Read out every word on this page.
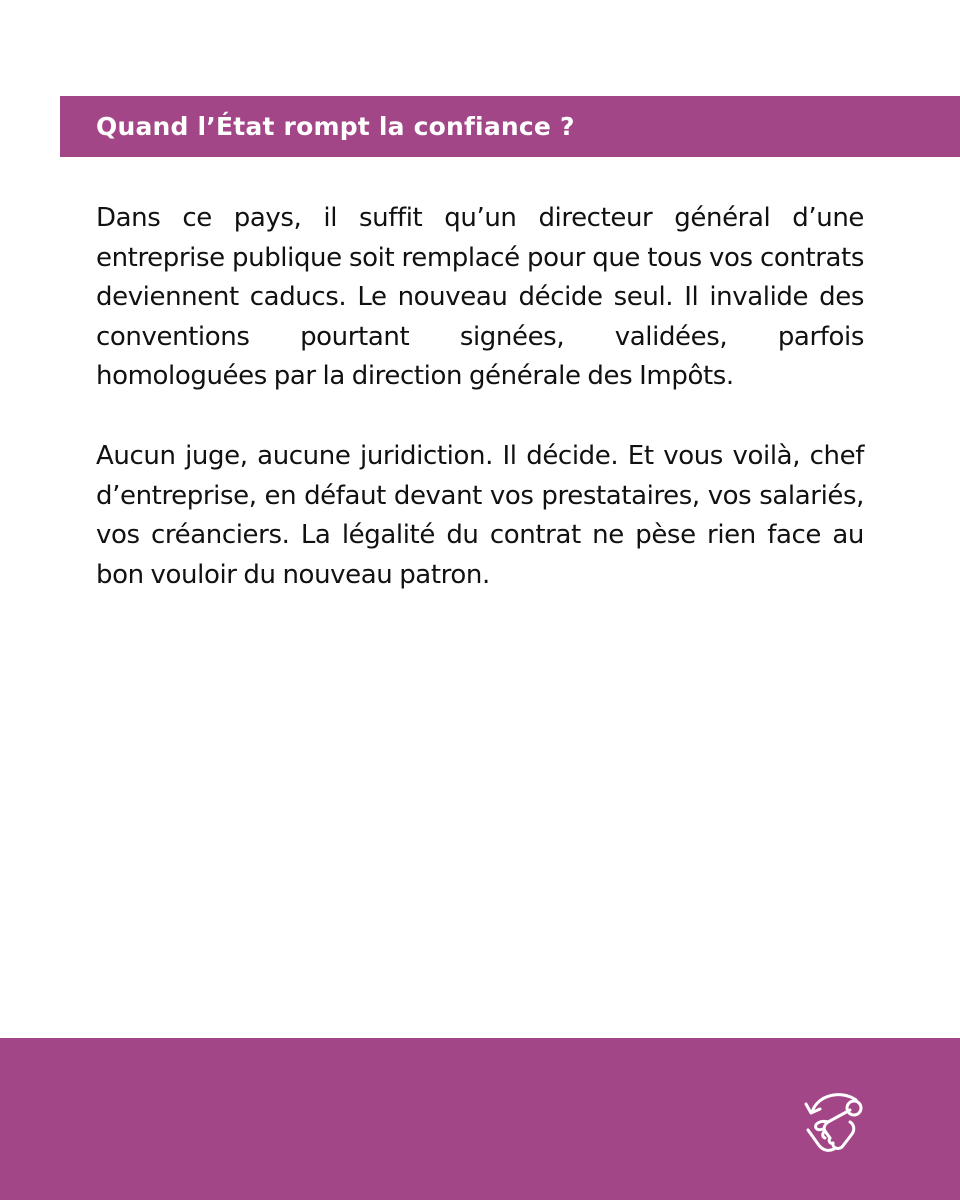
Quand l’État rompt la confiance ?

Dans ce pays, il suffit qu’un directeur général d’une entreprise publique soit remplacé pour que tous vos contrats deviennent caducs. Le nouveau décide seul. Il invalide des conventions pourtant signées, validées, parfois homologuées par la direction générale des Impôts.

Aucun juge, aucune juridiction. Il décide. Et vous voilà, chef d’entreprise, en défaut devant vos prestataires, vos salariés, vos créanciers. La légalité du contrat ne pèse rien face au bon vouloir du nouveau patron.
